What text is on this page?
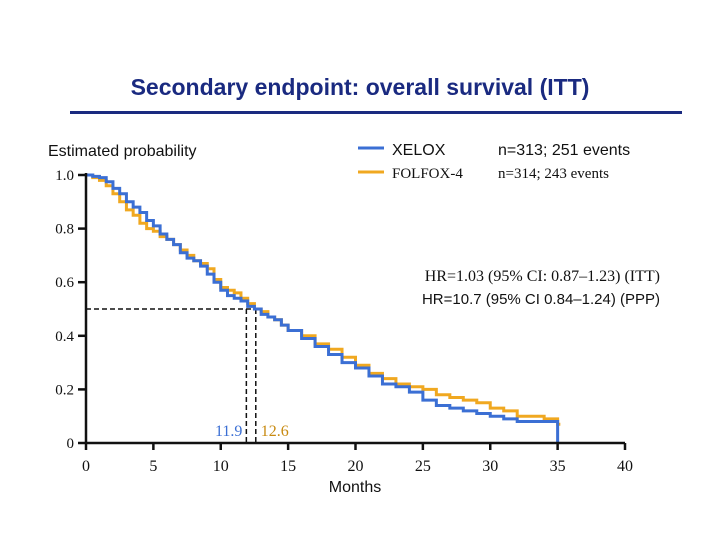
Secondary endpoint: overall survival (ITT)
0	5	10	15	20	25	30	35	40
0
0.2
0.4
0.6
0.8
1.0
11.9 12.6
Estimated probability
Months
XELOX	n=313; 251 events
FOLFOX-4 n=314; 243 events
HR=1.03 (95% CI: 0.87–1.23) (ITT)
HR=10.7 (95% CI 0.84–1.24) (PPP)
